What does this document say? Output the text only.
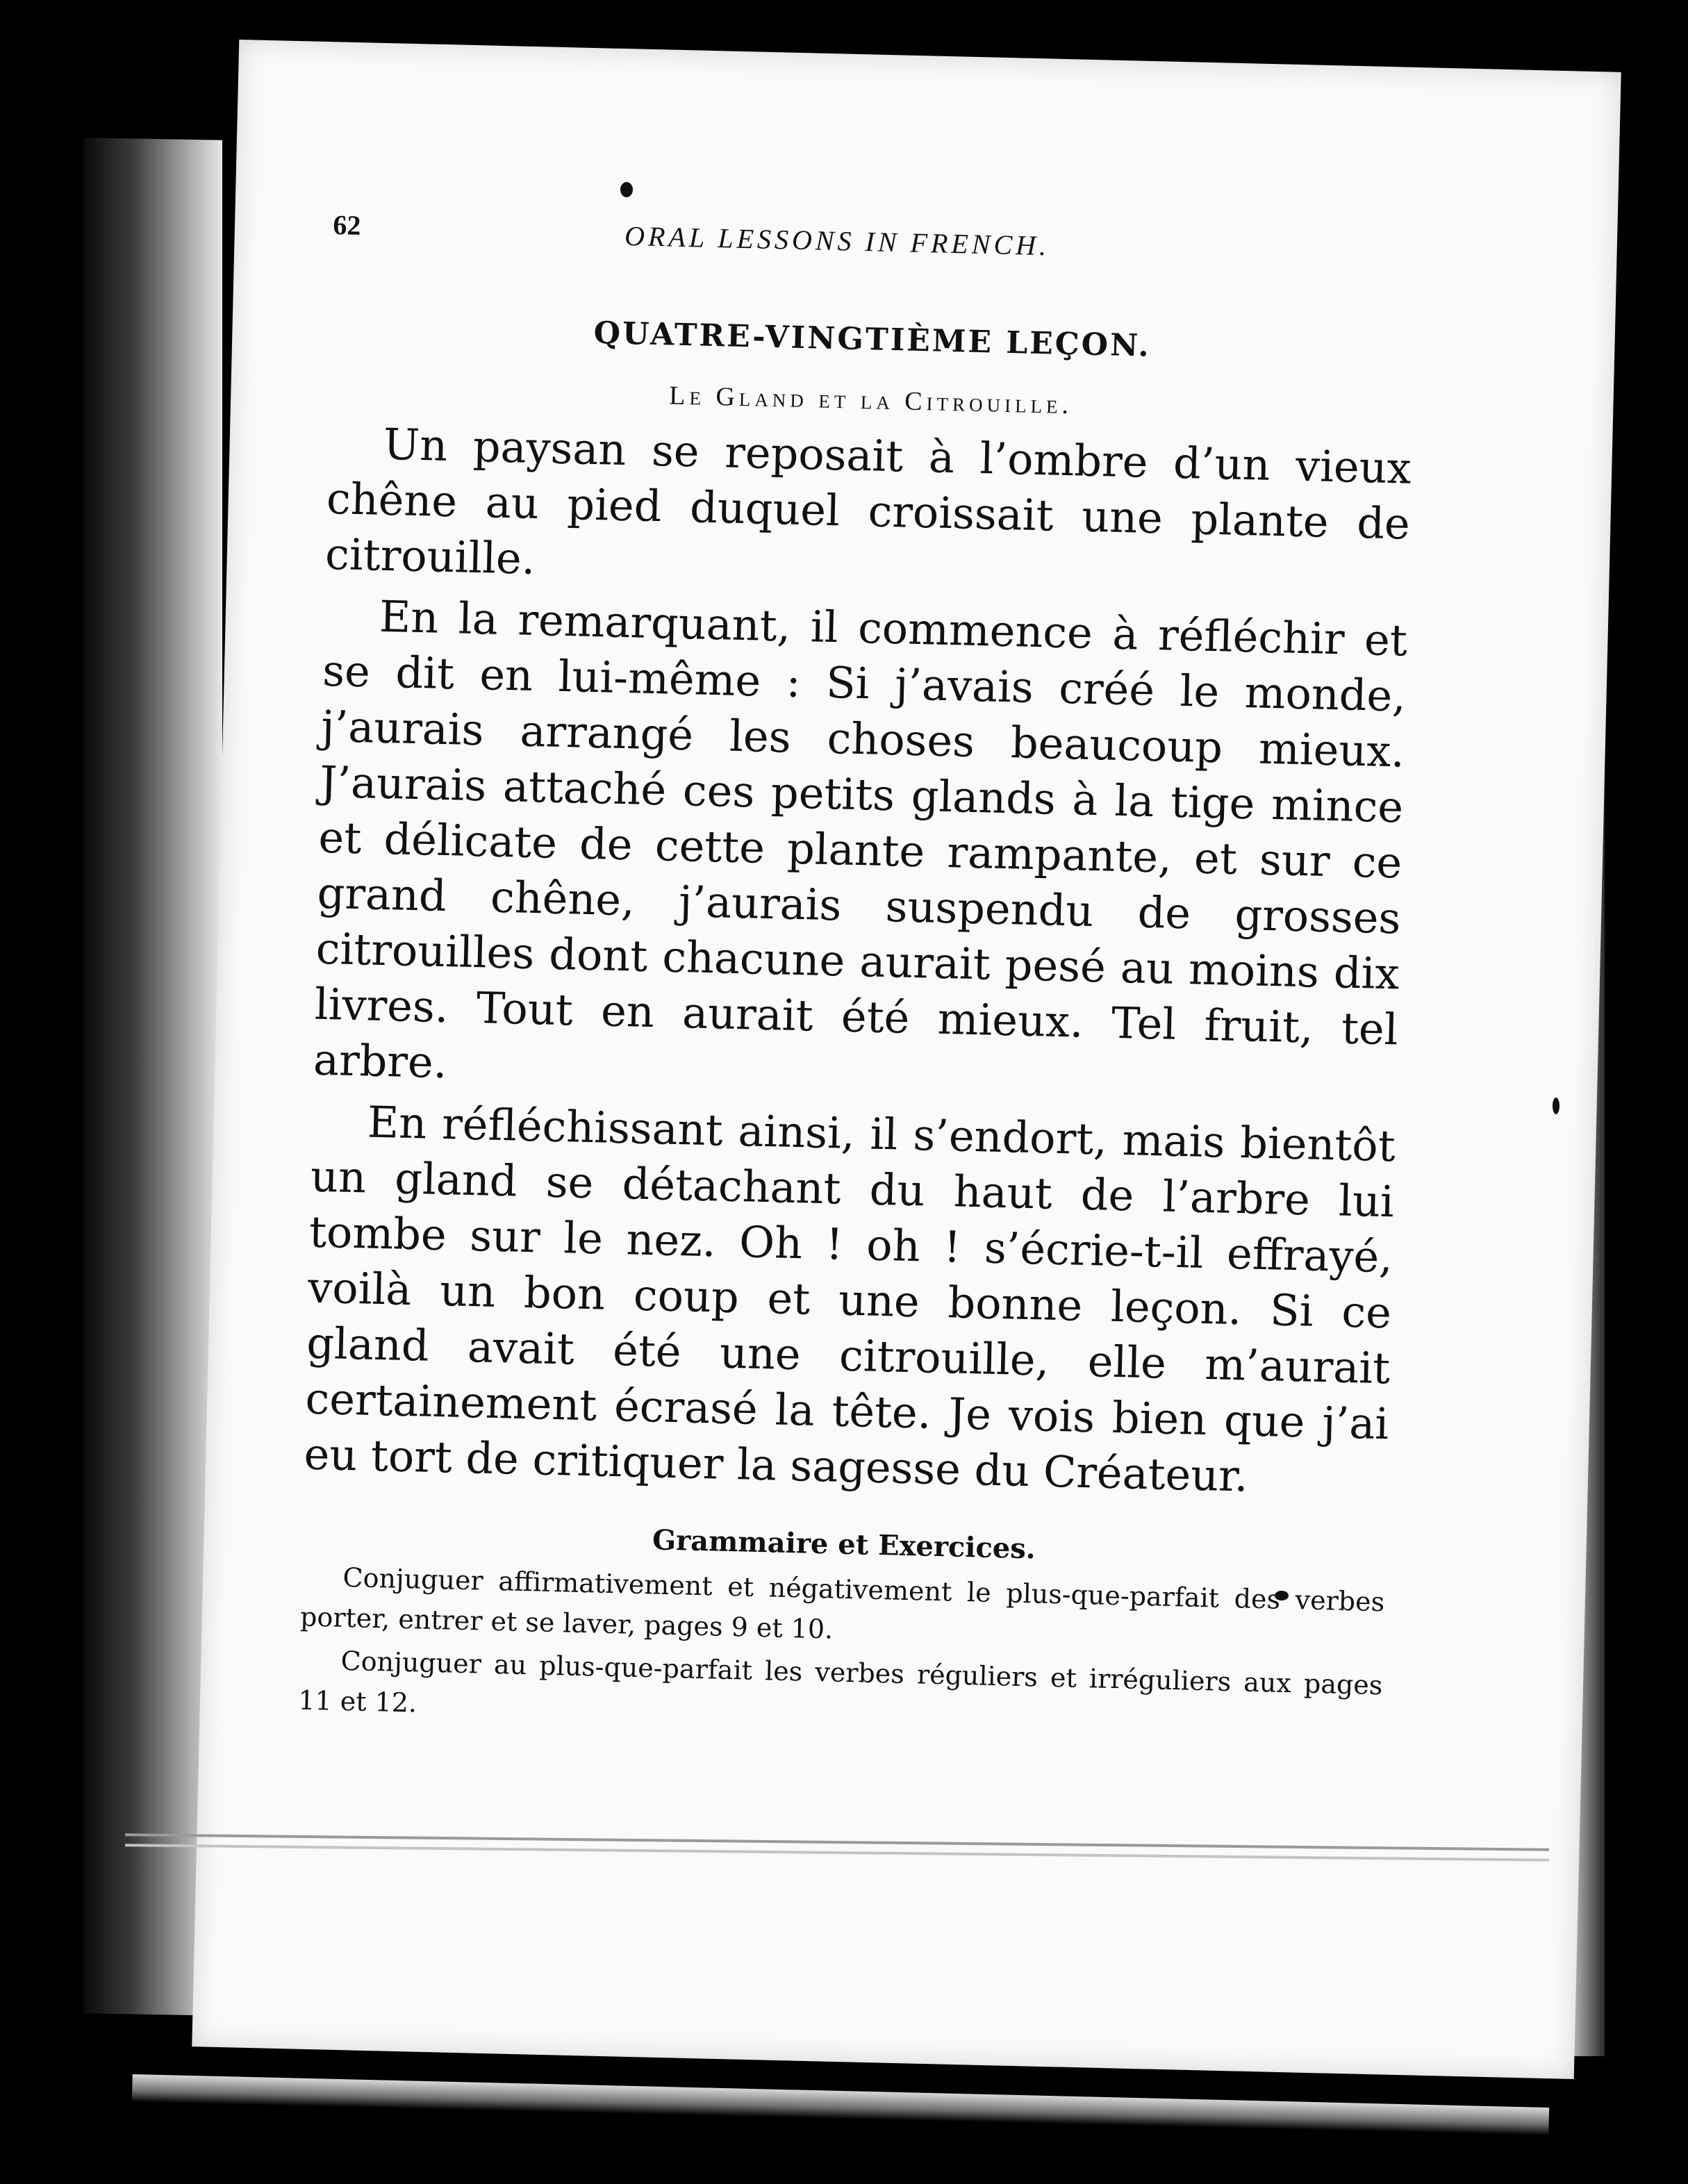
62	ORAL LESSONS IN FRENCH.
QUATRE-VINGTIÈME LEÇON.
Le Gland et la Citrouille.

Un paysan se reposait à l’ombre d’un vieux chêne au pied duquel croissait une plante de citrouille.

En la remarquant, il commence à réfléchir et se dit en lui-même : Si j’avais créé le monde, j’aurais arrangé les choses beaucoup mieux. J’aurais attaché ces petits glands à la tige mince et délicate de cette plante rampante, et sur ce grand chêne, j’aurais suspendu de grosses citrouilles dont chacune aurait pesé au moins dix livres. Tout en aurait été mieux. Tel fruit, tel arbre.

En réfléchissant ainsi, il s’endort, mais bientôt un gland se détachant du haut de l’arbre lui tombe sur le nez. Oh ! oh ! s’écrie-t-il effrayé, voilà un bon coup et une bonne leçon. Si ce gland avait été une citrouille, elle m’aurait certainement écrasé la tête. Je vois bien que j’ai eu tort de critiquer la sagesse du Créateur.

Grammaire et Exercices.

Conjuguer affirmativement et négativement le plus-que-parfait des verbes porter, entrer et se laver, pages 9 et 10.

Conjuguer au plus-que-parfait les verbes réguliers et irréguliers aux pages 11 et 12.
